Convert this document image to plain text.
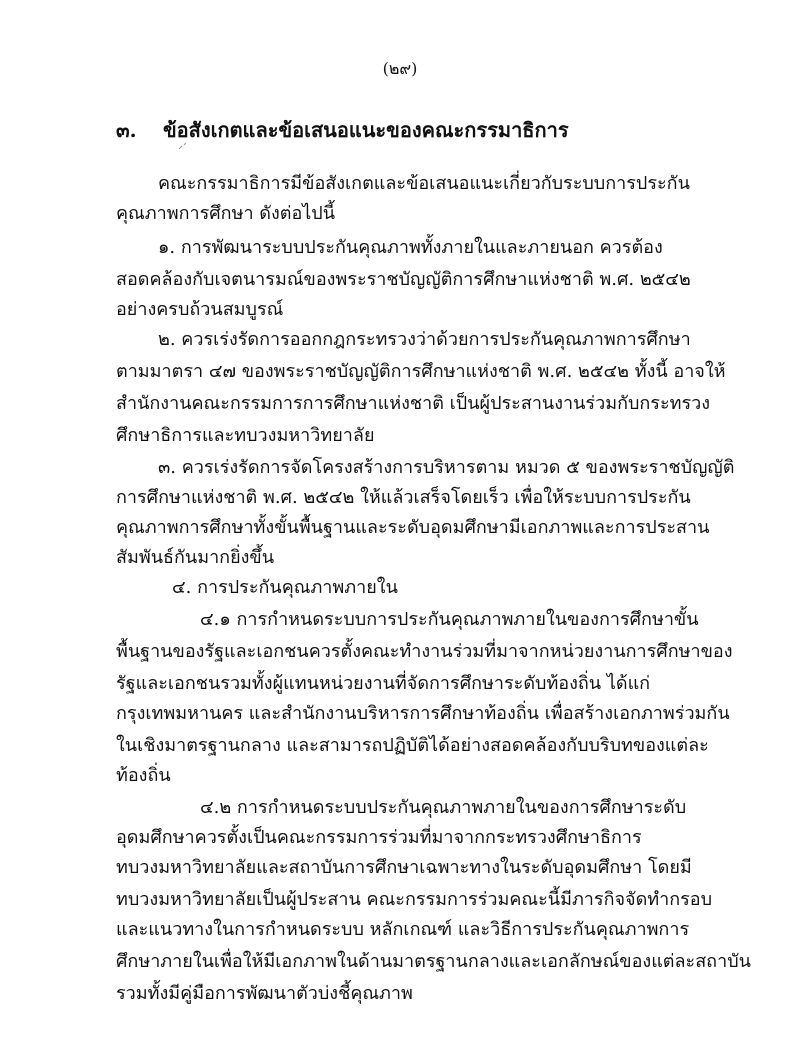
(๒๙)
๓. ข้อสังเกตและข้อเสนอแนะของคณะกรรมาธิการ

คณะกรรมาธิการมีข้อสังเกตและข้อเสนอแนะเกี่ยวกับระบบการประกัน

คุณภาพการศึกษา ดังต่อไปนี้

๑. การพัฒนาระบบประกันคุณภาพทั้งภายในและภายนอก ควรต้อง

สอดคล้องกับเจตนารมณ์ของพระราชบัญญัติการศึกษาแห่งชาติ พ.ศ. ๒๕๔๒

อย่างครบถ้วนสมบูรณ์

๒. ควรเร่งรัดการออกกฎกระทรวงว่าด้วยการประกันคุณภาพการศึกษา

ตามมาตรา ๔๗ ของพระราชบัญญัติการศึกษาแห่งชาติ พ.ศ. ๒๕๔๒ ทั้งนี้ อาจให้

สำนักงานคณะกรรมการการศึกษาแห่งชาติ เป็นผู้ประสานงานร่วมกับกระทรวง

ศึกษาธิการและทบวงมหาวิทยาลัย

๓. ควรเร่งรัดการจัดโครงสร้างการบริหารตาม หมวด ๕ ของพระราชบัญญัติ

การศึกษาแห่งชาติ พ.ศ. ๒๕๔๒ ให้แล้วเสร็จโดยเร็ว เพื่อให้ระบบการประกัน

คุณภาพการศึกษาทั้งขั้นพื้นฐานและระดับอุดมศึกษามีเอกภาพและการประสาน

สัมพันธ์กันมากยิ่งขึ้น

๔. การประกันคุณภาพภายใน

๔.๑ การกำหนดระบบการประกันคุณภาพภายในของการศึกษาขั้น

พื้นฐานของรัฐและเอกชนควรตั้งคณะทำงานร่วมที่มาจากหน่วยงานการศึกษาของ

รัฐและเอกชนรวมทั้งผู้แทนหน่วยงานที่จัดการศึกษาระดับท้องถิ่น ได้แก่

กรุงเทพมหานคร และสำนักงานบริหารการศึกษาท้องถิ่น เพื่อสร้างเอกภาพร่วมกัน

ในเชิงมาตรฐานกลาง และสามารถปฏิบัติได้อย่างสอดคล้องกับบริบทของแต่ละ

ท้องถิ่น

๔.๒ การกำหนดระบบประกันคุณภาพภายในของการศึกษาระดับ

อุดมศึกษาควรตั้งเป็นคณะกรรมการร่วมที่มาจากกระทรวงศึกษาธิการ

ทบวงมหาวิทยาลัยและสถาบันการศึกษาเฉพาะทางในระดับอุดมศึกษา โดยมี

ทบวงมหาวิทยาลัยเป็นผู้ประสาน คณะกรรมการร่วมคณะนี้มีภารกิจจัดทำกรอบ

และแนวทางในการกำหนดระบบ หลักเกณฑ์ และวิธีการประกันคุณภาพการ

ศึกษาภายในเพื่อให้มีเอกภาพในด้านมาตรฐานกลางและเอกลักษณ์ของแต่ละสถาบัน

รวมทั้งมีคู่มือการพัฒนาตัวบ่งชี้คุณภาพ
